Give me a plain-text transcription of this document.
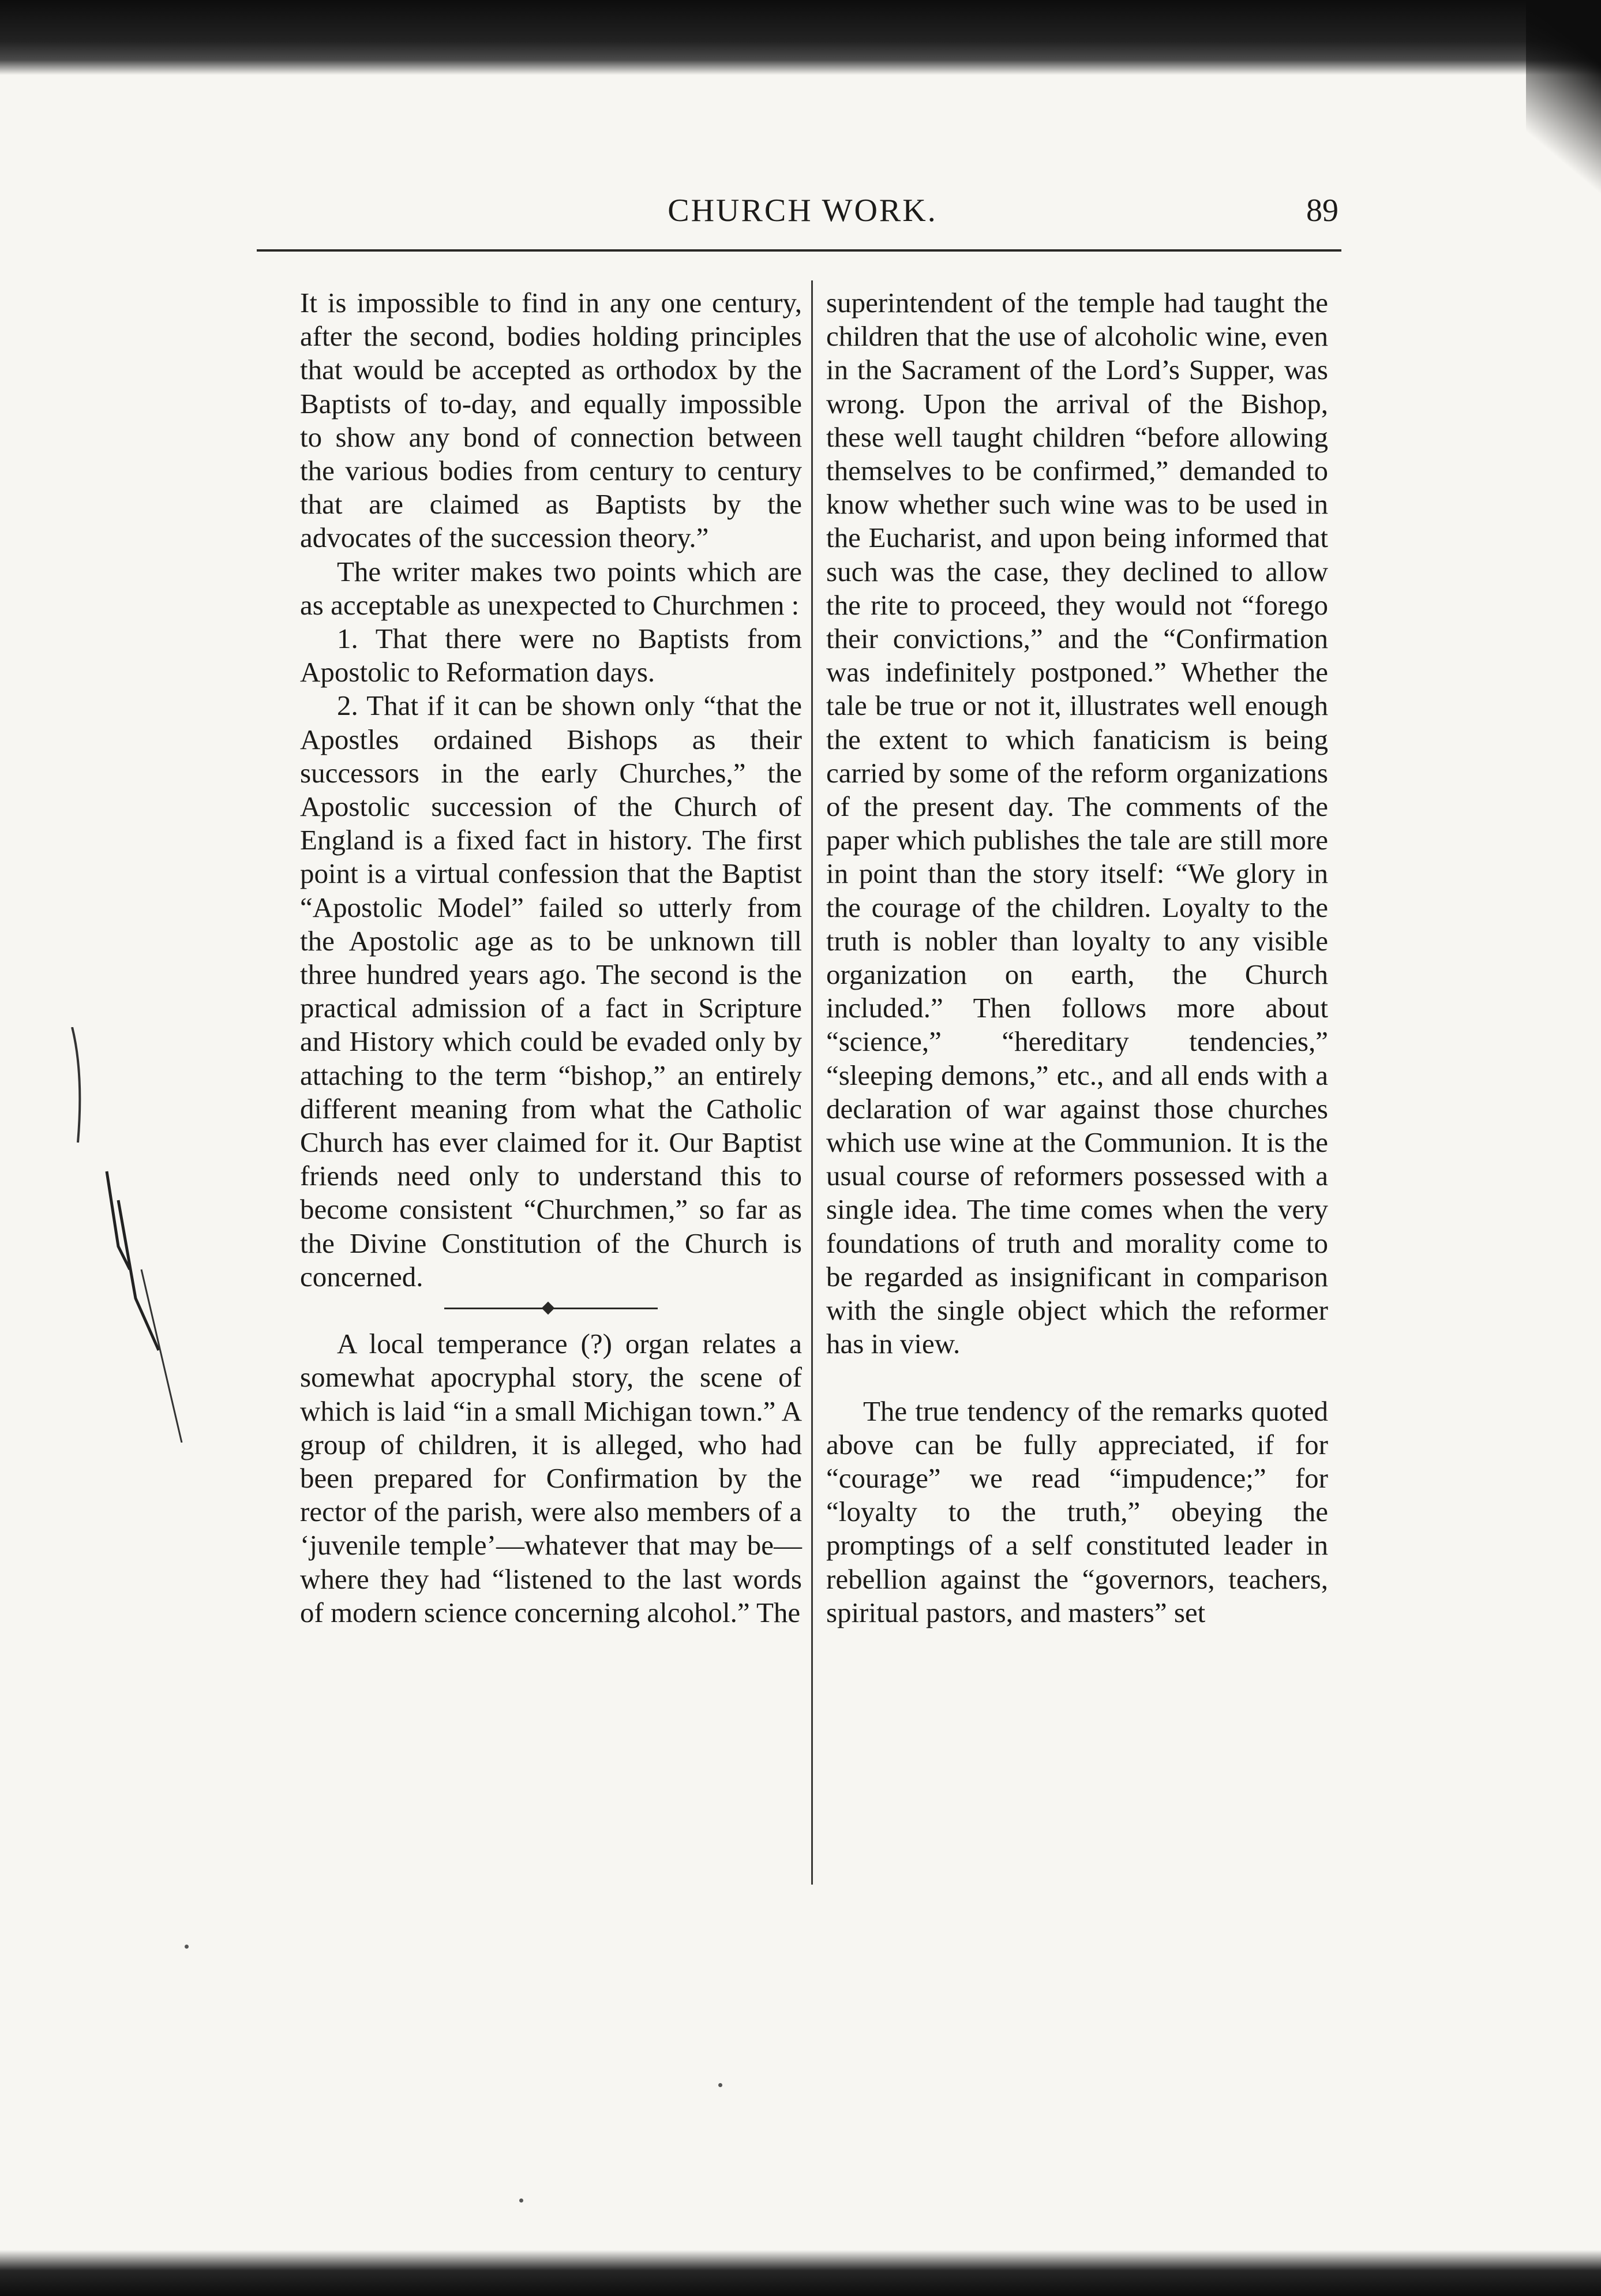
CHURCH WORK.	89

It is impossible to find in any one century, after the second, bodies holding principles that would be accepted as orthodox by the Baptists of to-day, and equally impossible to show any bond of connection between the various bodies from century to century that are claimed as Baptists by the advocates of the succession theory.”

The writer makes two points which are as acceptable as unexpected to Churchmen :

1. That there were no Baptists from Apostolic to Reformation days.

2. That if it can be shown only “that the Apostles ordained Bishops as their successors in the early Churches,” the Apostolic succession of the Church of England is a fixed fact in history. The first point is a virtual confession that the Baptist “Apostolic Model” failed so utterly from the Apostolic age as to be unknown till three hundred years ago. The second is the practical admission of a fact in Scripture and History which could be evaded only by attaching to the term “bishop,” an entirely different meaning from what the Catholic Church has ever claimed for it. Our Baptist friends need only to understand this to become consistent “Churchmen,” so far as the Divine Constitution of the Church is concerned.

A local temperance (?) organ relates a somewhat apocryphal story, the scene of which is laid “in a small Michigan town.” A group of children, it is alleged, who had been prepared for Confirmation by the rector of the parish, were also members of a ‘juvenile temple’—whatever that may be— where they had “listened to the last words of modern science concerning alcohol.” The

superintendent of the temple had taught the children that the use of alcoholic wine, even in the Sacrament of the Lord’s Supper, was wrong. Upon the arrival of the Bishop, these well taught children “before allowing themselves to be confirmed,” demanded to know whether such wine was to be used in the Eucharist, and upon being informed that such was the case, they declined to allow the rite to proceed, they would not “forego their convictions,” and the “Confirmation was indefinitely postponed.” Whether the tale be true or not it, illustrates well enough the extent to which fanaticism is being carried by some of the reform organizations of the present day. The comments of the paper which publishes the tale are still more in point than the story itself: “We glory in the courage of the children. Loyalty to the truth is nobler than loyalty to any visible organization on earth, the Church included.” Then follows more about “science,” “hereditary tendencies,” “sleeping demons,” etc., and all ends with a declaration of war against those churches which use wine at the Communion. It is the usual course of reformers possessed with a single idea. The time comes when the very foundations of truth and morality come to be regarded as insignificant in comparison with the single object which the reformer has in view.

The true tendency of the remarks quoted above can be fully appreciated, if for “courage” we read “impudence;” for “loyalty to the truth,” obeying the promptings of a self constituted leader in rebellion against the “governors, teachers, spiritual pastors, and masters” set
